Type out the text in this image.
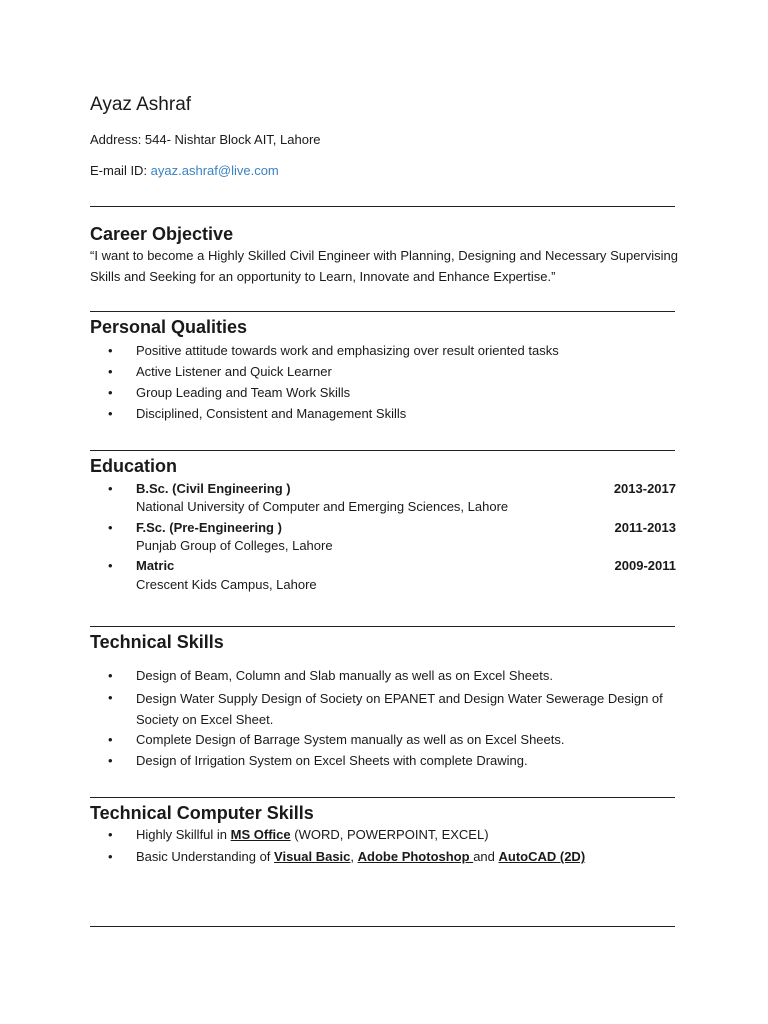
Ayaz Ashraf

Address: 544- Nishtar Block AIT, Lahore

E-mail ID: ayaz.ashraf@live.com

Career Objective

“I want to become a Highly Skilled Civil Engineer with Planning, Designing and Necessary Supervising Skills and Seeking for an opportunity to Learn, Innovate and Enhance Expertise.”

Personal Qualities

• Positive attitude towards work and emphasizing over result oriented tasks

• Active Listener and Quick Learner

• Group Leading and Team Work Skills

• Disciplined, Consistent and Management Skills

Education

• B.Sc. (Civil Engineering )	2013-2017

National University of Computer and Emerging Sciences, Lahore

• F.Sc. (Pre-Engineering )	2011-2013

Punjab Group of Colleges, Lahore

• Matric	2009-2011

Crescent Kids Campus, Lahore

Technical Skills

• Design of Beam, Column and Slab manually as well as on Excel Sheets.

• Design Water Supply Design of Society on EPANET and Design Water Sewerage Design of Society on Excel Sheet.

• Complete Design of Barrage System manually as well as on Excel Sheets.

• Design of Irrigation System on Excel Sheets with complete Drawing.

Technical Computer Skills

• Highly Skillful in MS Office (WORD, POWERPOINT, EXCEL)

• Basic Understanding of Visual Basic, Adobe Photoshop and AutoCAD (2D)
